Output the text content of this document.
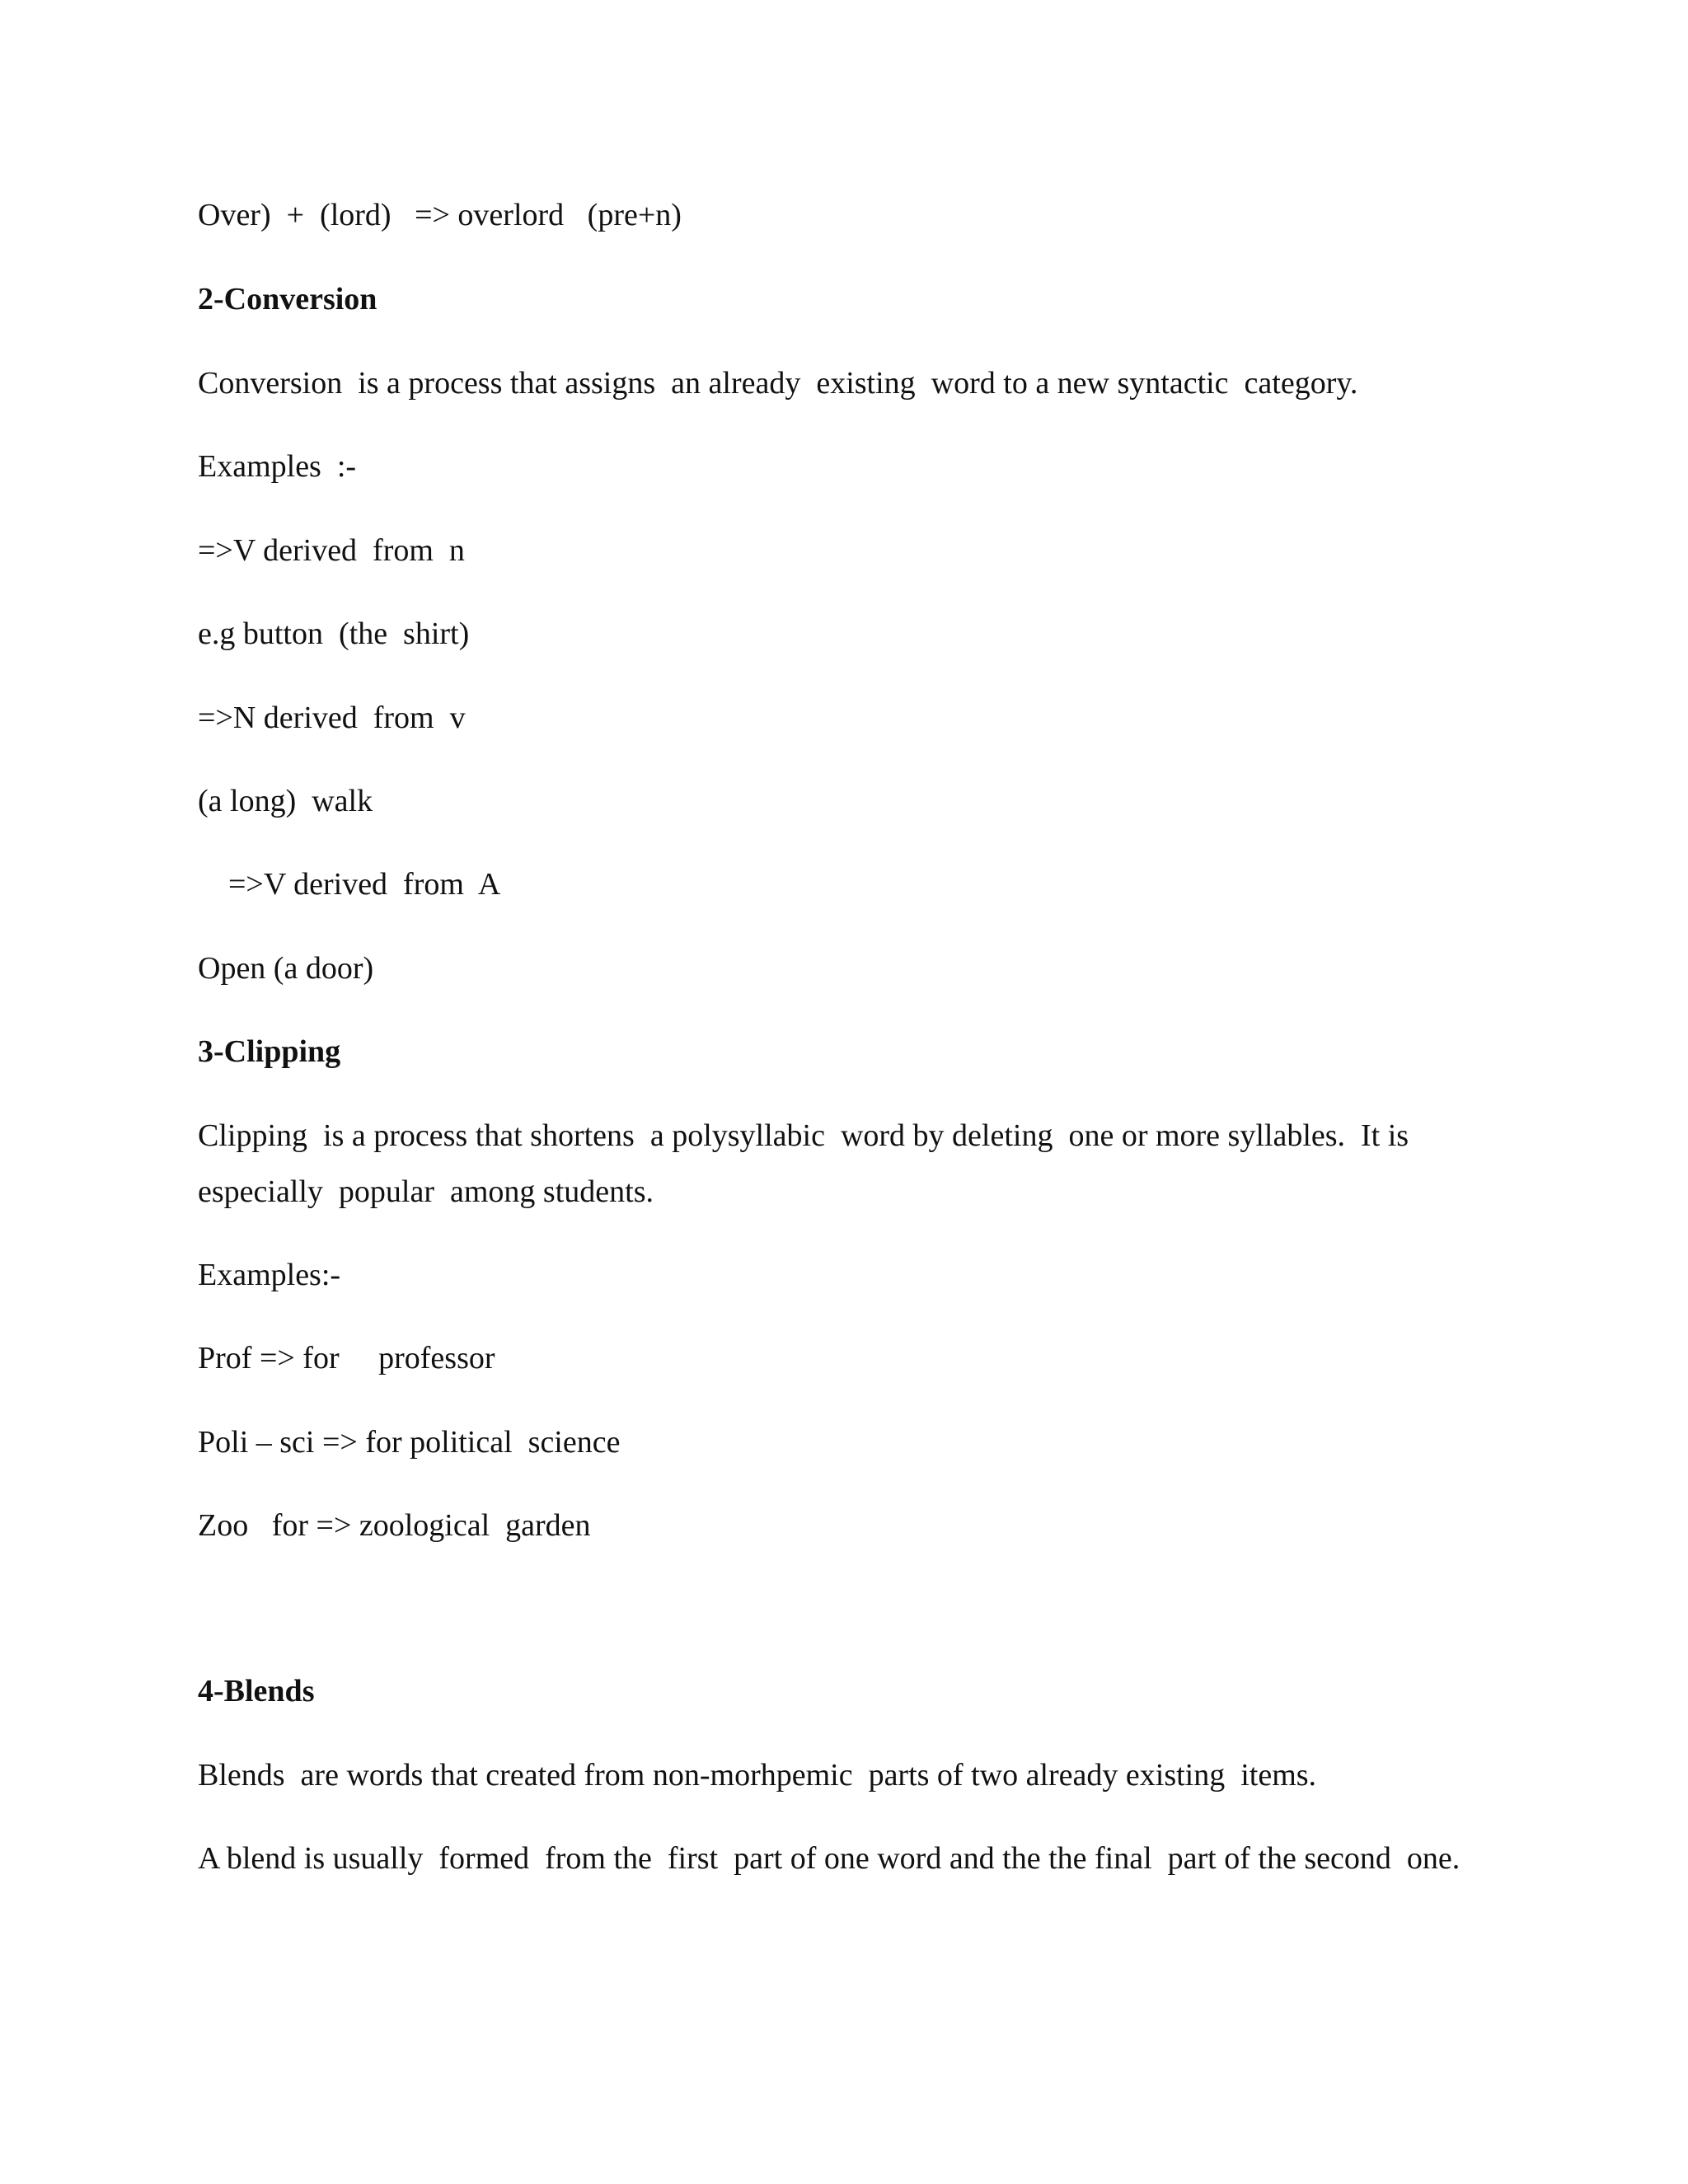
Over)  +  (lord)   => overlord   (pre+n)
2-Conversion
Conversion  is a process that assigns  an already  existing  word to a new syntactic  category.
Examples  :-
=>V derived  from  n
e.g button  (the  shirt)
=>N derived  from  v
(a long)  walk
=>V derived  from  A
Open (a door)
3-Clipping
Clipping  is a process that shortens  a polysyllabic  word by deleting  one or more syllables.  It is
especially  popular  among students.
Examples:-
Prof => for     professor
Poli – sci => for political  science
Zoo   for => zoological  garden
4-Blends
Blends  are words that created from non-morhpemic  parts of two already existing  items.
A blend is usually  formed  from the  first  part of one word and the the final  part of the second  one.
